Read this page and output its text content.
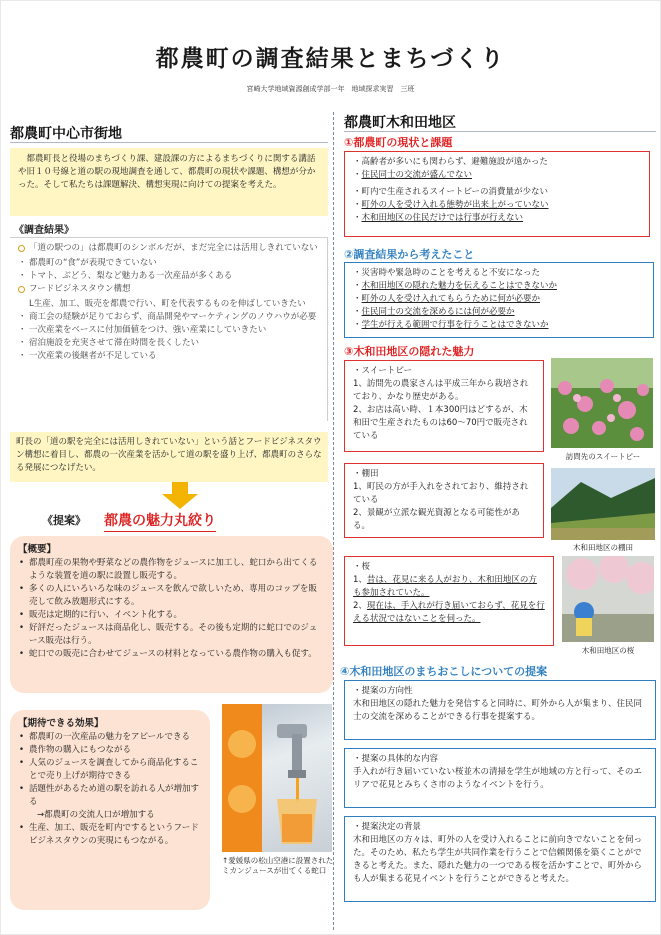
都農町の調査結果とまちづくり
宮崎大学地域資源創成学部一年　地域探求実習　三班
都農町中心市街地
都農町長と役場のまちづくり課、建設課の方によるまちづくりに関する講話や旧１０号線と道の駅の現地調査を通して、都農町の現状や課題、構想が分かった。そして私たちは課題解決、構想実現に向けての提案を考えた。
《調査結果》
「道の駅つの」は都農町のシンボルだが、まだ完全には活用しきれていない
・ 都農町の“食”が表現できていない
・ トマト、ぶどう、梨など魅力ある一次産品が多くある
フードビジネスタウン構想
L生産、加工、販売を都農で行い、町を代表するものを伸ばしていきたい
・ 商工会の経験が足りておらず、商品開発やマーケティングのノウハウが必要
・ 一次産業をベースに付加価値をつけ、強い産業にしていきたい
・ 宿泊施設を充実させて滞在時間を長くしたい
・ 一次産業の後継者が不足している
町長の「道の駅を完全には活用しきれていない」という話とフードビジネスタウン構想に着目し、都農の一次産業を活かして道の駅を盛り上げ、都農町のさらなる発展につなげたい。
《提案》 都農の魅力丸絞り
【概要】
• 都農町産の果物や野菜などの農作物をジュースに加工し、蛇口から出てくるような装置を道の駅に設置し販売する。
• 多くの人にいろいろな味のジュースを飲んで欲しいため、専用のコップを販売して飲み放題形式にする。
• 販売は定期的に行い、イベント化する。
• 好評だったジュースは商品化し、販売する。その後も定期的に蛇口でのジュース販売は行う。
• 蛇口での販売に合わせてジュースの材料となっている農作物の購入も促す。
【期待できる効果】
• 都農町の一次産品の魅力をアピールできる
• 農作物の購入にもつながる
• 人気のジュースを調査してから商品化することで売り上げが期待できる
• 話題性があるため道の駅を訪れる人が増加する
→都農町の交流人口が増加する
• 生産、加工、販売を町内でするというフードビジネスタウンの実現にもつながる。
↑愛媛県の松山空港に設置されたミカンジュースが出てくる蛇口
都農町木和田地区
①都農町の現状と課題
・高齢者が多いにも関わらず、避難施設が遠かった
・住民同士の交流が盛んでない
・町内で生産されるスイートピーの消費量が少ない
・町外の人を受け入れる態勢が出来上がっていない
・木和田地区の住民だけでは行事が行えない
②調査結果から考えたこと
・災害時や緊急時のことを考えると不安になった
・木和田地区の隠れた魅力を伝えることはできないか
・町外の人を受け入れてもらうために何が必要か
・住民同士の交流を深めるには何が必要か
・学生が行える範囲で行事を行うことはできないか
③木和田地区の隠れた魅力
・スイートピー
1、訪問先の農家さんは平成三年から栽培されており、かなり歴史がある。
2、お店は高い時、１本300円はどするが、木和田で生産されたものは60～70円で販売されている
訪問先のスイートピー
・棚田
1、町民の方が手入れをされており、維持されている
2、景観が立派な観光資源となる可能性がある。
木和田地区の棚田
・桜
1、昔は、花見に来る人がおり、木和田地区の方も参加されていた。
2、現在は、手入れが行き届いておらず、花見を行える状況ではないことを伺った。
木和田地区の桜
④木和田地区のまちおこしについての提案
・提案の方向性
木和田地区の隠れた魅力を発信すると同時に、町外から人が集まり、住民同士の交流を深めることができる行事を提案する。
・提案の具体的な内容
手入れが行き届いていない桜並木の清掃を学生が地域の方と行って、そのエリアで花見とみちくさ市のようなイベントを行う。
・提案決定の背景
木和田地区の方々は、町外の人を受け入れることに前向きでないことを伺った。そのため、私たち学生が共同作業を行うことで信頼関係を築くことができると考えた。また、隠れた魅力の一つである桜を活かすことで、町外からも人が集まる花見イベントを行うことができると考えた。
